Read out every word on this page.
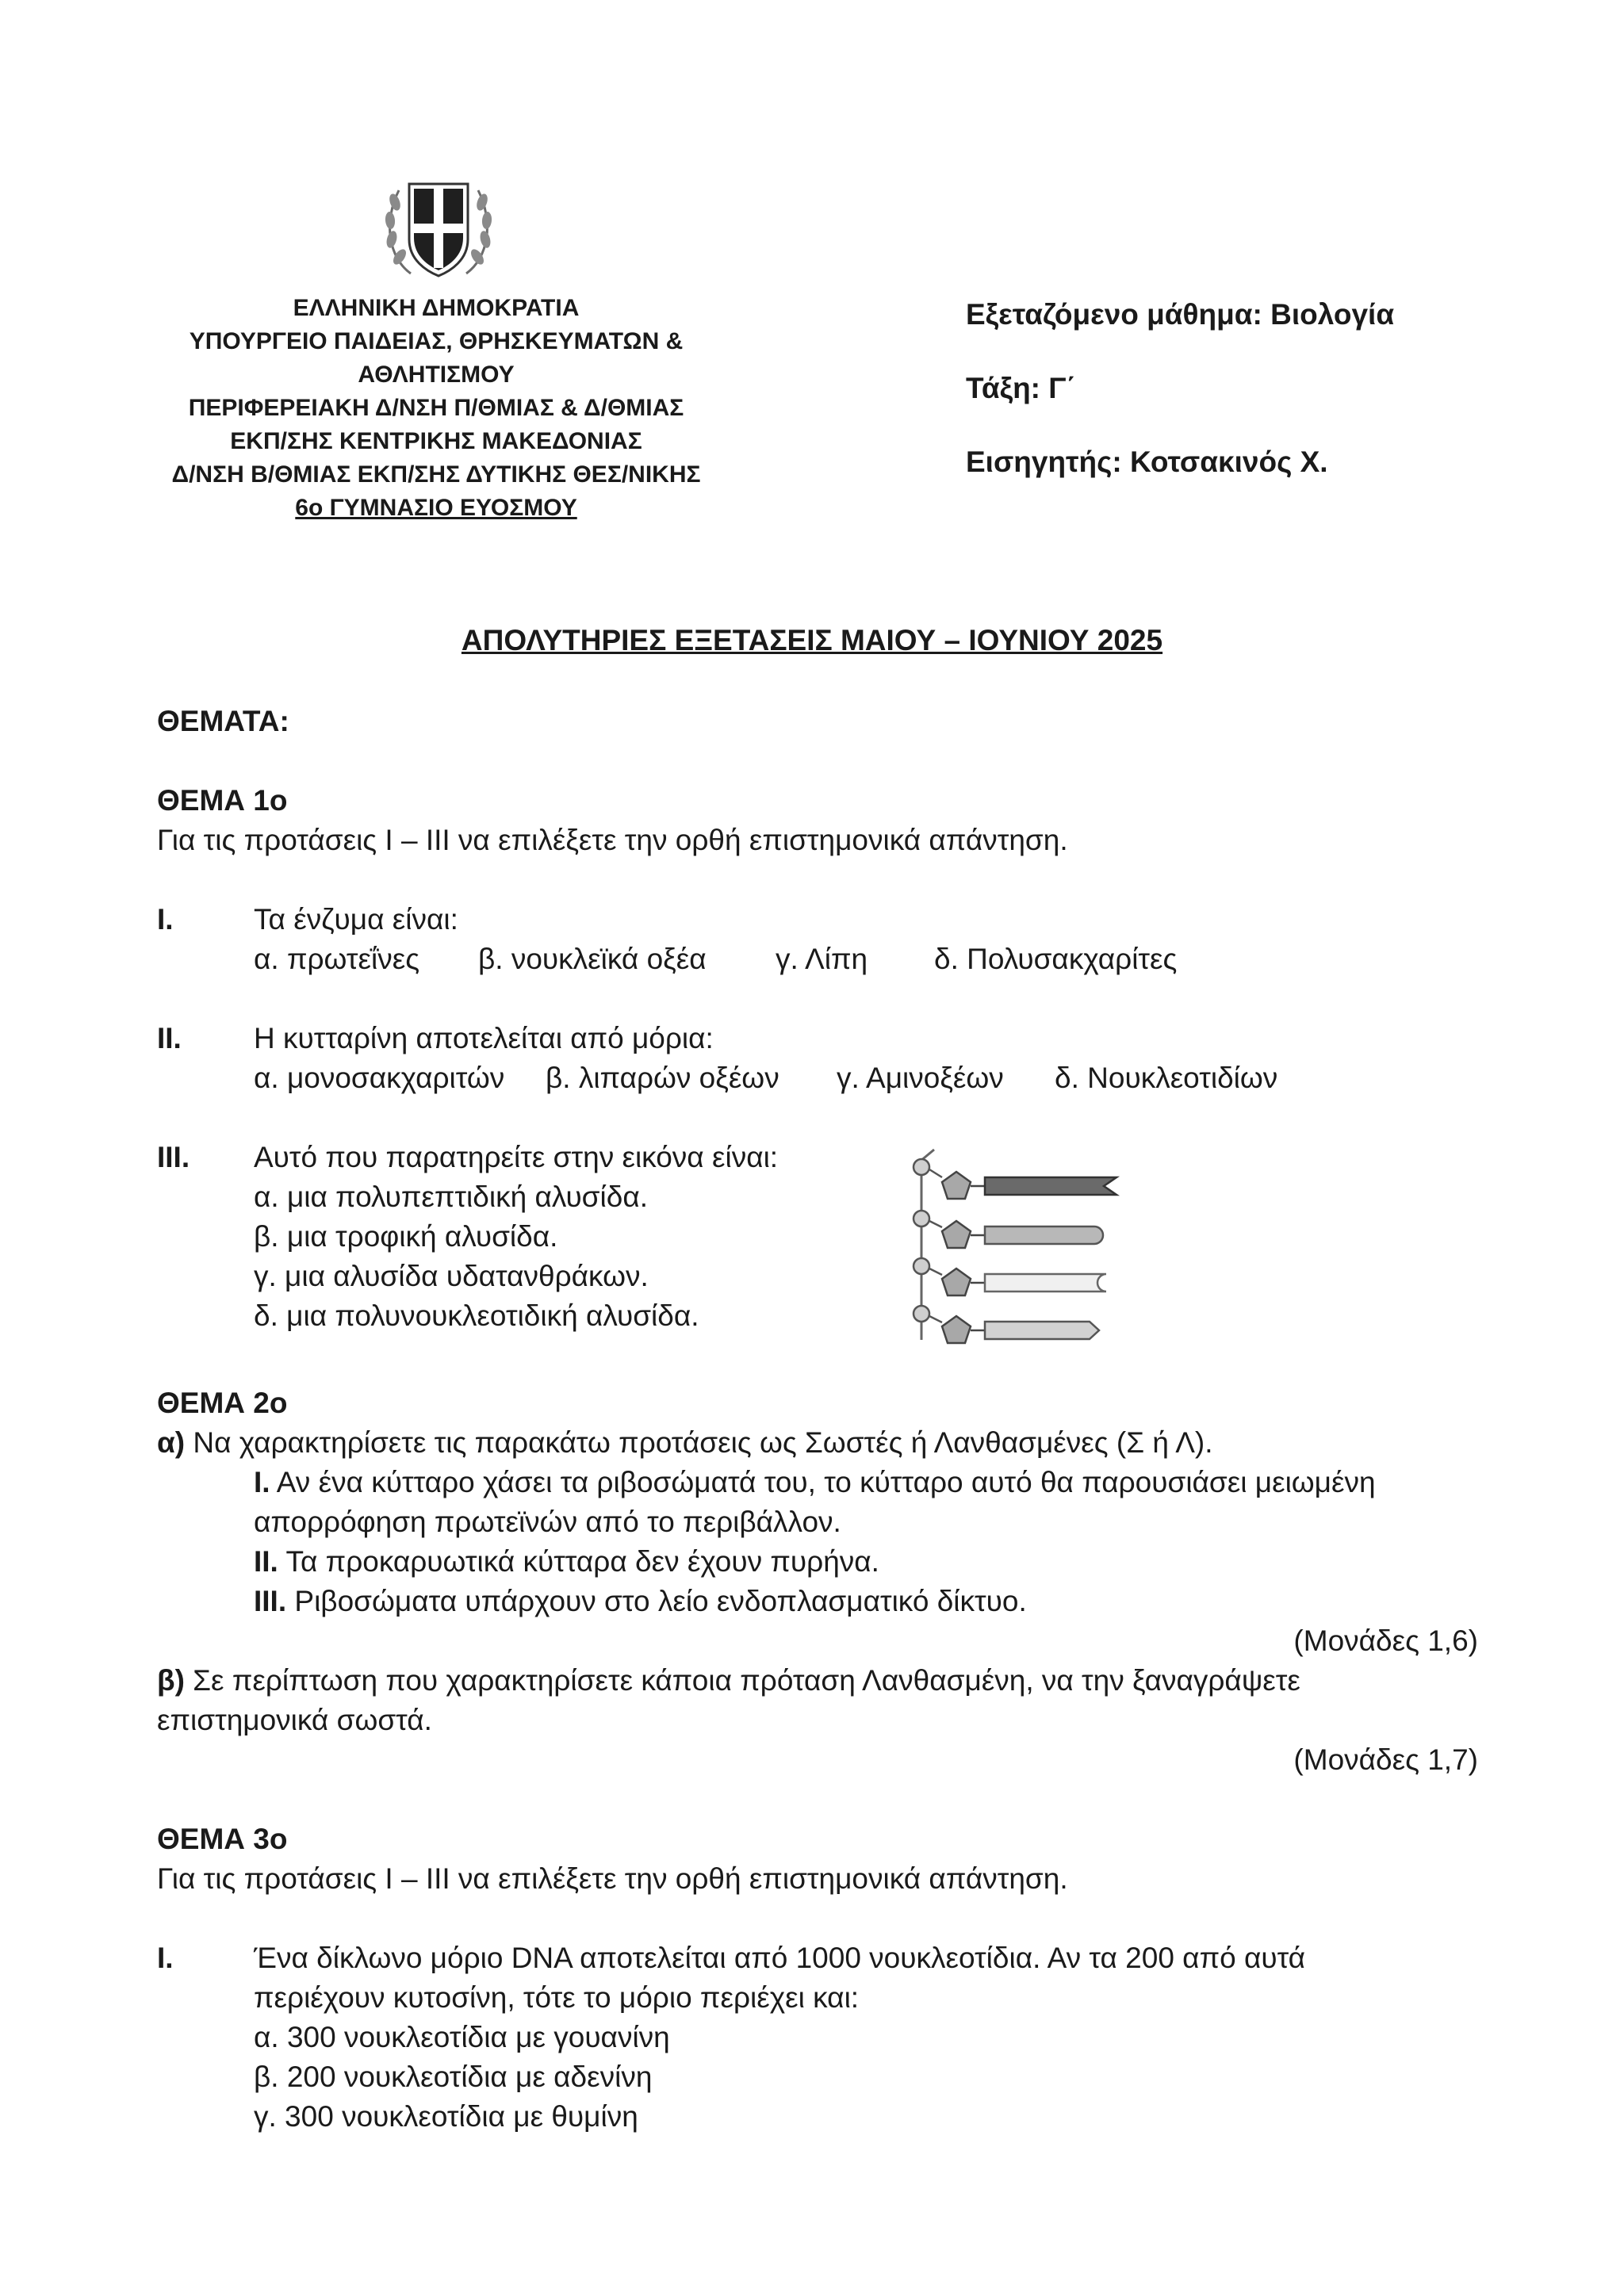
ΕΛΛΗΝΙΚΗ ΔΗΜΟΚΡΑΤΙΑ
ΥΠΟΥΡΓΕΙΟ ΠΑΙΔΕΙΑΣ, ΘΡΗΣΚΕΥΜΑΤΩΝ &
ΑΘΛΗΤΙΣΜΟΥ
ΠΕΡΙΦΕΡΕΙΑΚΗ Δ/ΝΣΗ Π/ΘΜΙΑΣ & Δ/ΘΜΙΑΣ
ΕΚΠ/ΣΗΣ ΚΕΝΤΡΙΚΗΣ ΜΑΚΕΔΟΝΙΑΣ
Δ/ΝΣΗ Β/ΘΜΙΑΣ ΕΚΠ/ΣΗΣ ΔΥΤΙΚΗΣ ΘΕΣ/ΝΙΚΗΣ
6ο ΓΥΜΝΑΣΙΟ ΕΥΟΣΜΟΥ
Εξεταζόμενο μάθημα: Βιολογία
Τάξη: Γ΄
Εισηγητής: Κοτσακινός Χ.
ΑΠΟΛΥΤΗΡΙΕΣ ΕΞΕΤΑΣΕΙΣ ΜΑΙΟΥ – ΙΟΥΝΙΟΥ 2025
ΘΕΜΑΤΑ:
ΘΕΜΑ 1ο
Για τις προτάσεις Ι – ΙΙΙ να επιλέξετε την ορθή επιστημονικά απάντηση.
Ι.	Τα ένζυμα είναι:
α. πρωτεΐνες β. νουκλεϊκά οξέα γ. Λίπη δ. Πολυσακχαρίτες
ΙΙ. Η κυτταρίνη αποτελείται από μόρια:
α. μονοσακχαριτών β. λιπαρών οξέων γ. Αμινοξέων δ. Νουκλεοτιδίων
ΙΙΙ. Αυτό που παρατηρείτε στην εικόνα είναι:
α. μια πολυπεπτιδική αλυσίδα.
β. μια τροφική αλυσίδα.
γ. μια αλυσίδα υδατανθράκων.
δ. μια πολυνουκλεοτιδική αλυσίδα.
ΘΕΜΑ 2ο
α) Να χαρακτηρίσετε τις παρακάτω προτάσεις ως Σωστές ή Λανθασμένες (Σ ή Λ).
Ι. Αν ένα κύτταρο χάσει τα ριβοσώματά του, το κύτταρο αυτό θα παρουσιάσει μειωμένη
απορρόφηση πρωτεϊνών από το περιβάλλον.
ΙΙ. Τα προκαρυωτικά κύτταρα δεν έχουν πυρήνα.
ΙΙΙ. Ριβοσώματα υπάρχουν στο λείο ενδοπλασματικό δίκτυο.
(Μονάδες 1,6)
β) Σε περίπτωση που χαρακτηρίσετε κάποια πρόταση Λανθασμένη, να την ξαναγράψετε
επιστημονικά σωστά.
(Μονάδες 1,7)
ΘΕΜΑ 3ο
Για τις προτάσεις Ι – ΙΙΙ να επιλέξετε την ορθή επιστημονικά απάντηση.
Ι.	Ένα δίκλωνο μόριο DNA αποτελείται από 1000 νουκλεοτίδια. Αν τα 200 από αυτά
περιέχουν κυτοσίνη, τότε το μόριο περιέχει και:
α. 300 νουκλεοτίδια με γουανίνη
β. 200 νουκλεοτίδια με αδενίνη
γ. 300 νουκλεοτίδια με θυμίνη
